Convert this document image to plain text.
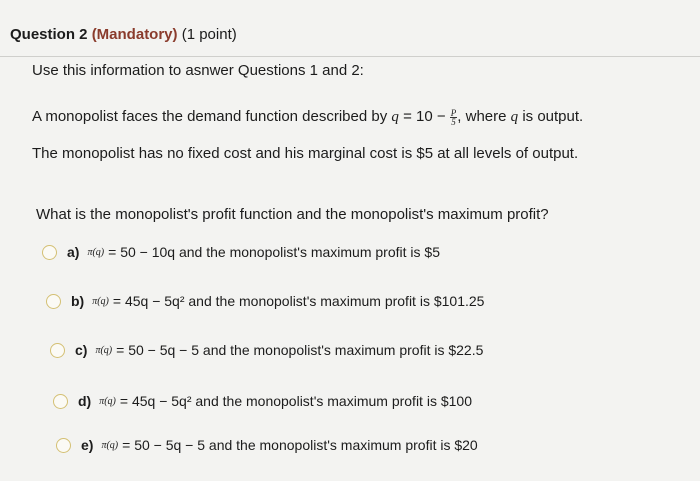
Question 2 (Mandatory) (1 point)
Use this information to asnwer Questions 1 and 2:
A monopolist faces the demand function described by $q = 10 - \frac{P}{5}$ , where q is output.
The monopolist has no fixed cost and his marginal cost is $5 at all levels of output.
What is the monopolist's profit function and the monopolist's maximum profit?
a) π(q) = 50 − 10q and the monopolist's maximum profit is $5
b) π(q) = 45q − 5q² and the monopolist's maximum profit is $101.25
c) π(q) = 50 − 5q − 5 and the monopolist's maximum profit is $22.5
d) π(q) = 45q − 5q² and the monopolist's maximum profit is $100
e) π(q) = 50 − 5q − 5 and the monopolist's maximum profit is $20
